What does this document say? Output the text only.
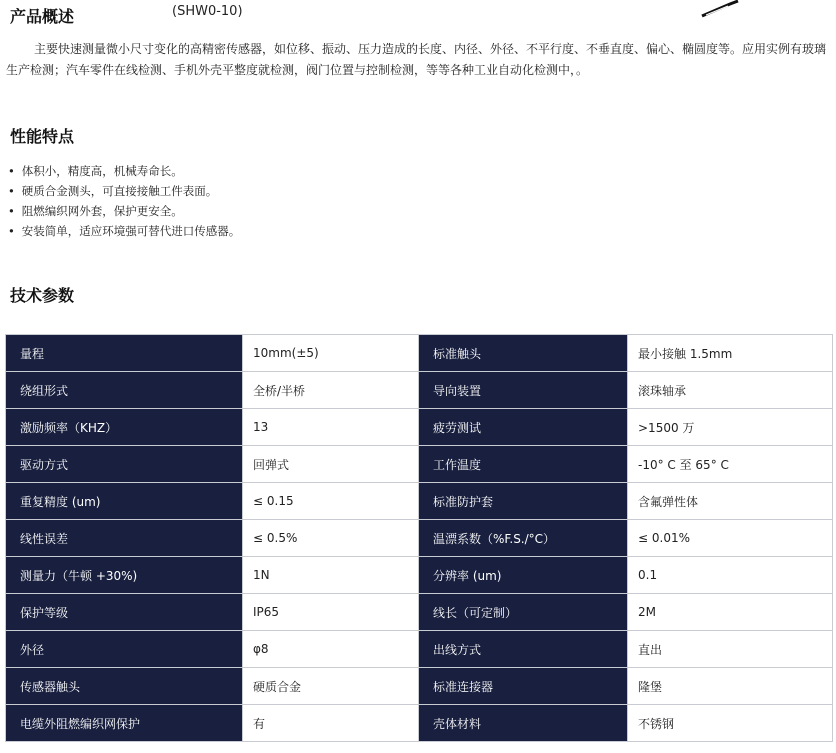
产品概述	(SHW0-10)

主要快速测量微小尺寸变化的高精密传感器，如位移、振动、压力造成的长度、内径、外径、不平行度、不垂直度、偏心、椭圆度等。应用实例有玻璃生产检测；汽车零件在线检测、手机外壳平整度就检测，阀门位置与控制检测，等等各种工业自动化检测中，。

性能特点
• 体积小，精度高，机械寿命长。
• 硬质合金测头，可直接接触工件表面。
• 阻燃编织网外套，保护更安全。
• 安装简单，适应环境强可替代进口传感器。
技术参数
量程	10mm(±5)	标准触头	最小接触 1.5mm
绕组形式	全桥/半桥	导向装置	滚珠轴承
激励频率（KHZ）	13	疲劳测试	>1500 万
驱动方式	回弹式	工作温度	-10° C 至 65° C
重复精度 (um)	≤ 0.15	标准防护套	含氟弹性体
线性误差	≤ 0.5%	温漂系数（%F.S./°C）	≤ 0.01%
测量力（牛顿 +30%)	1N	分辨率 (um)	0.1
保护等级	IP65	线长（可定制）	2M
外径	φ8	出线方式	直出
传感器触头	硬质合金	标准连接器	隆堡
电缆外阻燃编织网保护	有	壳体材料	不锈钢
